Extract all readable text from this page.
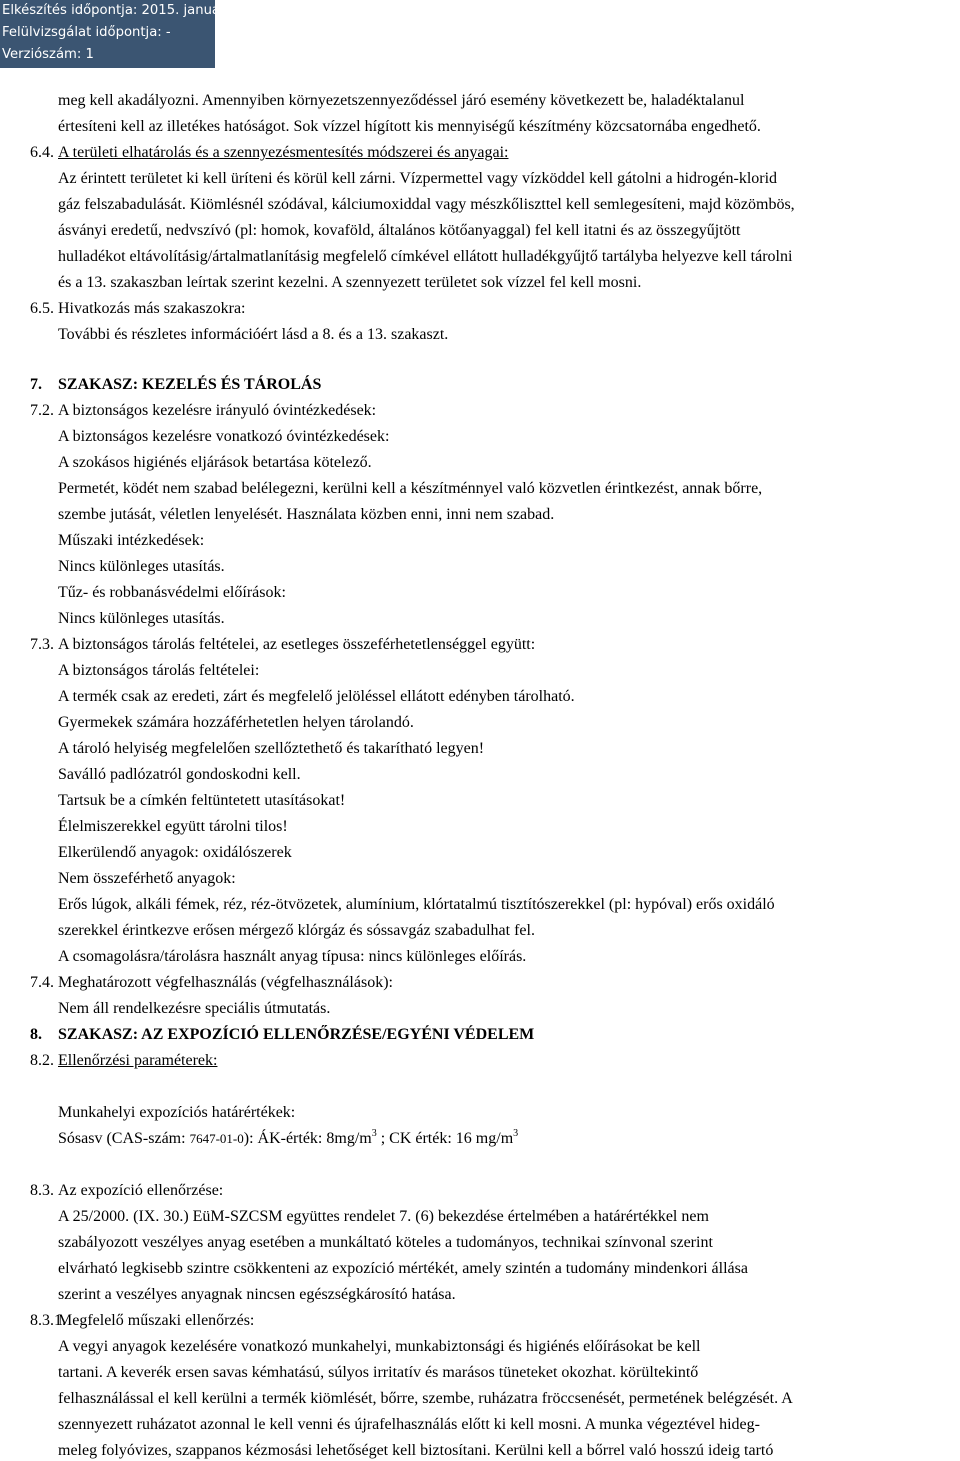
Elkészítés időpontja: 2015. január 29.
Felülvizsgálat időpontja: -
Verziószám: 1
meg kell akadályozni. Amennyiben környezetszennyeződéssel járó esemény következett be, haladéktalanul
értesíteni kell az illetékes hatóságot. Sok vízzel hígított kis mennyiségű készítmény közcsatornába engedhető.
6.4. A területi elhatárolás és a szennyezésmentesítés módszerei és anyagai:
Az érintett területet ki kell üríteni és körül kell zárni. Vízpermettel vagy vízköddel kell gátolni a hidrogén-klorid
gáz felszabadulását. Kiömlésnél szódával, kálciumoxiddal vagy mészkőliszttel kell semlegesíteni, majd közömbös,
ásványi eredetű, nedvszívó (pl: homok, kovaföld, általános kötőanyaggal) fel kell itatni és az összegyűjtött
hulladékot eltávolításig/ártalmatlanításig megfelelő címkével ellátott hulladékgyűjtő tartályba helyezve kell tárolni
és a 13. szakaszban leírtak szerint kezelni. A szennyezett területet sok vízzel fel kell mosni.
6.5. Hivatkozás más szakaszokra:
További és részletes információért lásd a 8. és a 13. szakaszt.
7. SZAKASZ: KEZELÉS ÉS TÁROLÁS
7.2. A biztonságos kezelésre irányuló óvintézkedések:
A biztonságos kezelésre vonatkozó óvintézkedések:
A szokásos higiénés eljárások betartása kötelező.
Permetét, ködét nem szabad belélegezni, kerülni kell a készítménnyel való közvetlen érintkezést, annak bőrre,
szembe jutását, véletlen lenyelését. Használata közben enni, inni nem szabad.
Műszaki intézkedések:
Nincs különleges utasítás.
Tűz- és robbanásvédelmi előírások:
Nincs különleges utasítás.
7.3. A biztonságos tárolás feltételei, az esetleges összeférhetetlenséggel együtt:
A biztonságos tárolás feltételei:
A termék csak az eredeti, zárt és megfelelő jelöléssel ellátott edényben tárolható.
Gyermekek számára hozzáférhetetlen helyen tárolandó.
A tároló helyiség megfelelően szellőztethető és takarítható legyen!
Saválló padlózatról gondoskodni kell.
Tartsuk be a címkén feltüntetett utasításokat!
Élelmiszerekkel együtt tárolni tilos!
Elkerülendő anyagok: oxidálószerek
Nem összeférhető anyagok:
Erős lúgok, alkáli fémek, réz, réz-ötvözetek, alumínium, klórtatalmú tisztítószerekkel (pl: hypóval) erős oxidáló
szerekkel érintkezve erősen mérgező klórgáz és sóssavgáz szabadulhat fel.
A csomagolásra/tárolásra használt anyag típusa: nincs különleges előírás.
7.4. Meghatározott végfelhasználás (végfelhasználások):
Nem áll rendelkezésre speciális útmutatás.
8. SZAKASZ: AZ EXPOZÍCIÓ ELLENŐRZÉSE/EGYÉNI VÉDELEM
8.2. Ellenőrzési paraméterek:
Munkahelyi expozíciós határértékek:
Sósasv (CAS-szám: 7647-01-0): ÁK-érték: $8mg/m^3$ ; CK érték: 16 $mg/m^3$
8.3. Az expozíció ellenőrzése:
A 25/2000. (IX. 30.) EüM-SZCSM együttes rendelet 7. (6) bekezdése értelmében a határértékkel nem
szabályozott veszélyes anyag esetében a munkáltató köteles a tudományos, technikai színvonal szerint
elvárható legkisebb szintre csökkenteni az expozíció mértékét, amely szintén a tudomány mindenkori állása
szerint a veszélyes anyagnak nincsen egészségkárosító hatása.
8.3.1.
Megfelelő műszaki ellenőrzés:
A vegyi anyagok kezelésére vonatkozó munkahelyi, munkabiztonsági és higiénés előírásokat be kell
tartani. A keverék ersen savas kémhatású, súlyos irritatív és marásos tüneteket okozhat. körültekintő
felhasználással el kell kerülni a termék kiömlését, bőrre, szembe, ruházatra fröccsenését, permetének belégzését. A
szennyezett ruházatot azonnal le kell venni és újrafelhasználás előtt ki kell mosni. A munka végeztével hideg-
meleg folyóvizes, szappanos kézmosási lehetőséget kell biztosítani. Kerülni kell a bőrrel való hosszú ideig tartó
